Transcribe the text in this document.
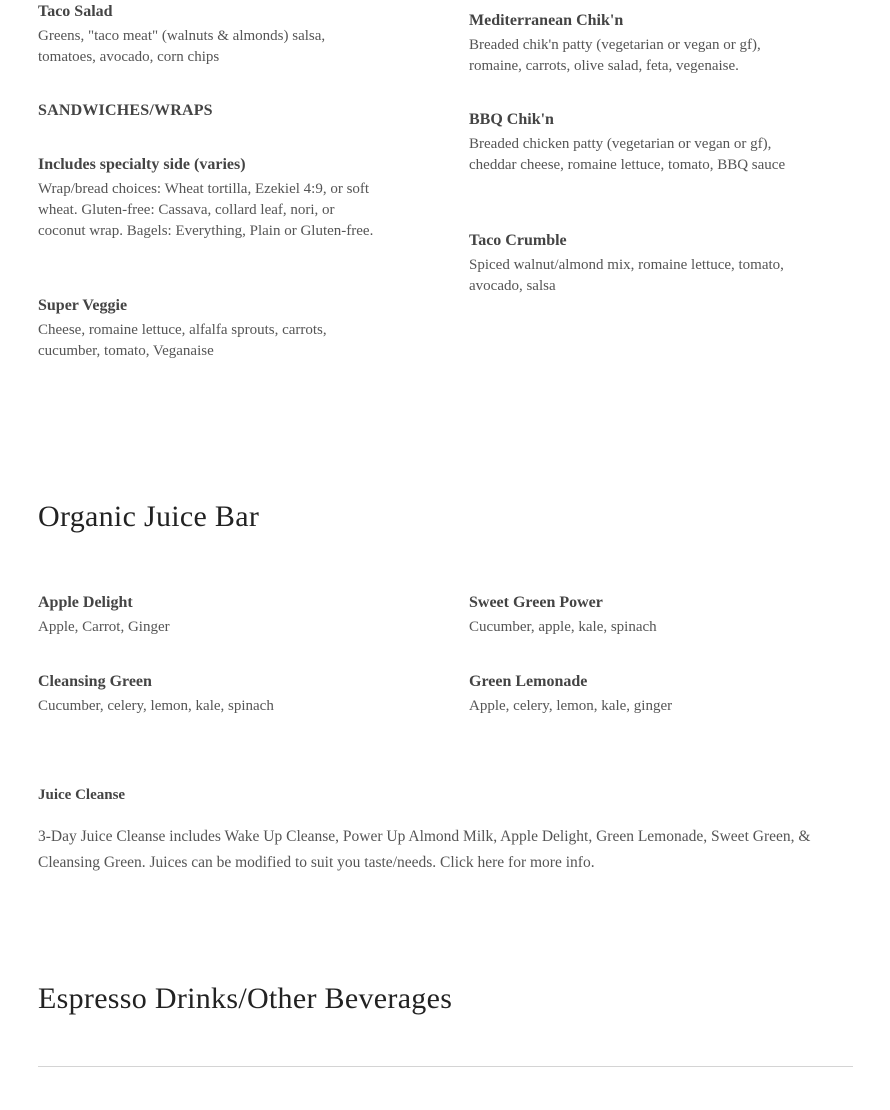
Taco Salad

Greens, "taco meat" (walnuts & almonds) salsa, tomatoes, avocado, corn chips

Mediterranean Chik'n

Breaded chik'n patty (vegetarian or vegan or gf), romaine, carrots, olive salad, feta, vegenaise.

BBQ Chik'n

Breaded chicken patty (vegetarian or vegan or gf), cheddar cheese, romaine lettuce, tomato, BBQ sauce

Taco Crumble

Spiced walnut/almond mix, romaine lettuce, tomato, avocado, salsa

SANDWICHES/WRAPS

Includes specialty side (varies)

Wrap/bread choices: Wheat tortilla, Ezekiel 4:9, or soft wheat. Gluten-free: Cassava, collard leaf, nori, or coconut wrap. Bagels: Everything, Plain or Gluten-free.

Super Veggie

Cheese, romaine lettuce, alfalfa sprouts, carrots, cucumber, tomato, Veganaise

Organic Juice Bar

Apple Delight

Apple, Carrot, Ginger

Sweet Green Power

Cucumber, apple, kale, spinach

Cleansing Green

Cucumber, celery, lemon, kale, spinach

Green Lemonade

Apple, celery, lemon, kale, ginger

Juice Cleanse

3-Day Juice Cleanse includes Wake Up Cleanse, Power Up Almond Milk, Apple Delight, Green Lemonade, Sweet Green, & Cleansing Green. Juices can be modified to suit you taste/needs. Click here for more info.

Espresso Drinks/Other Beverages
